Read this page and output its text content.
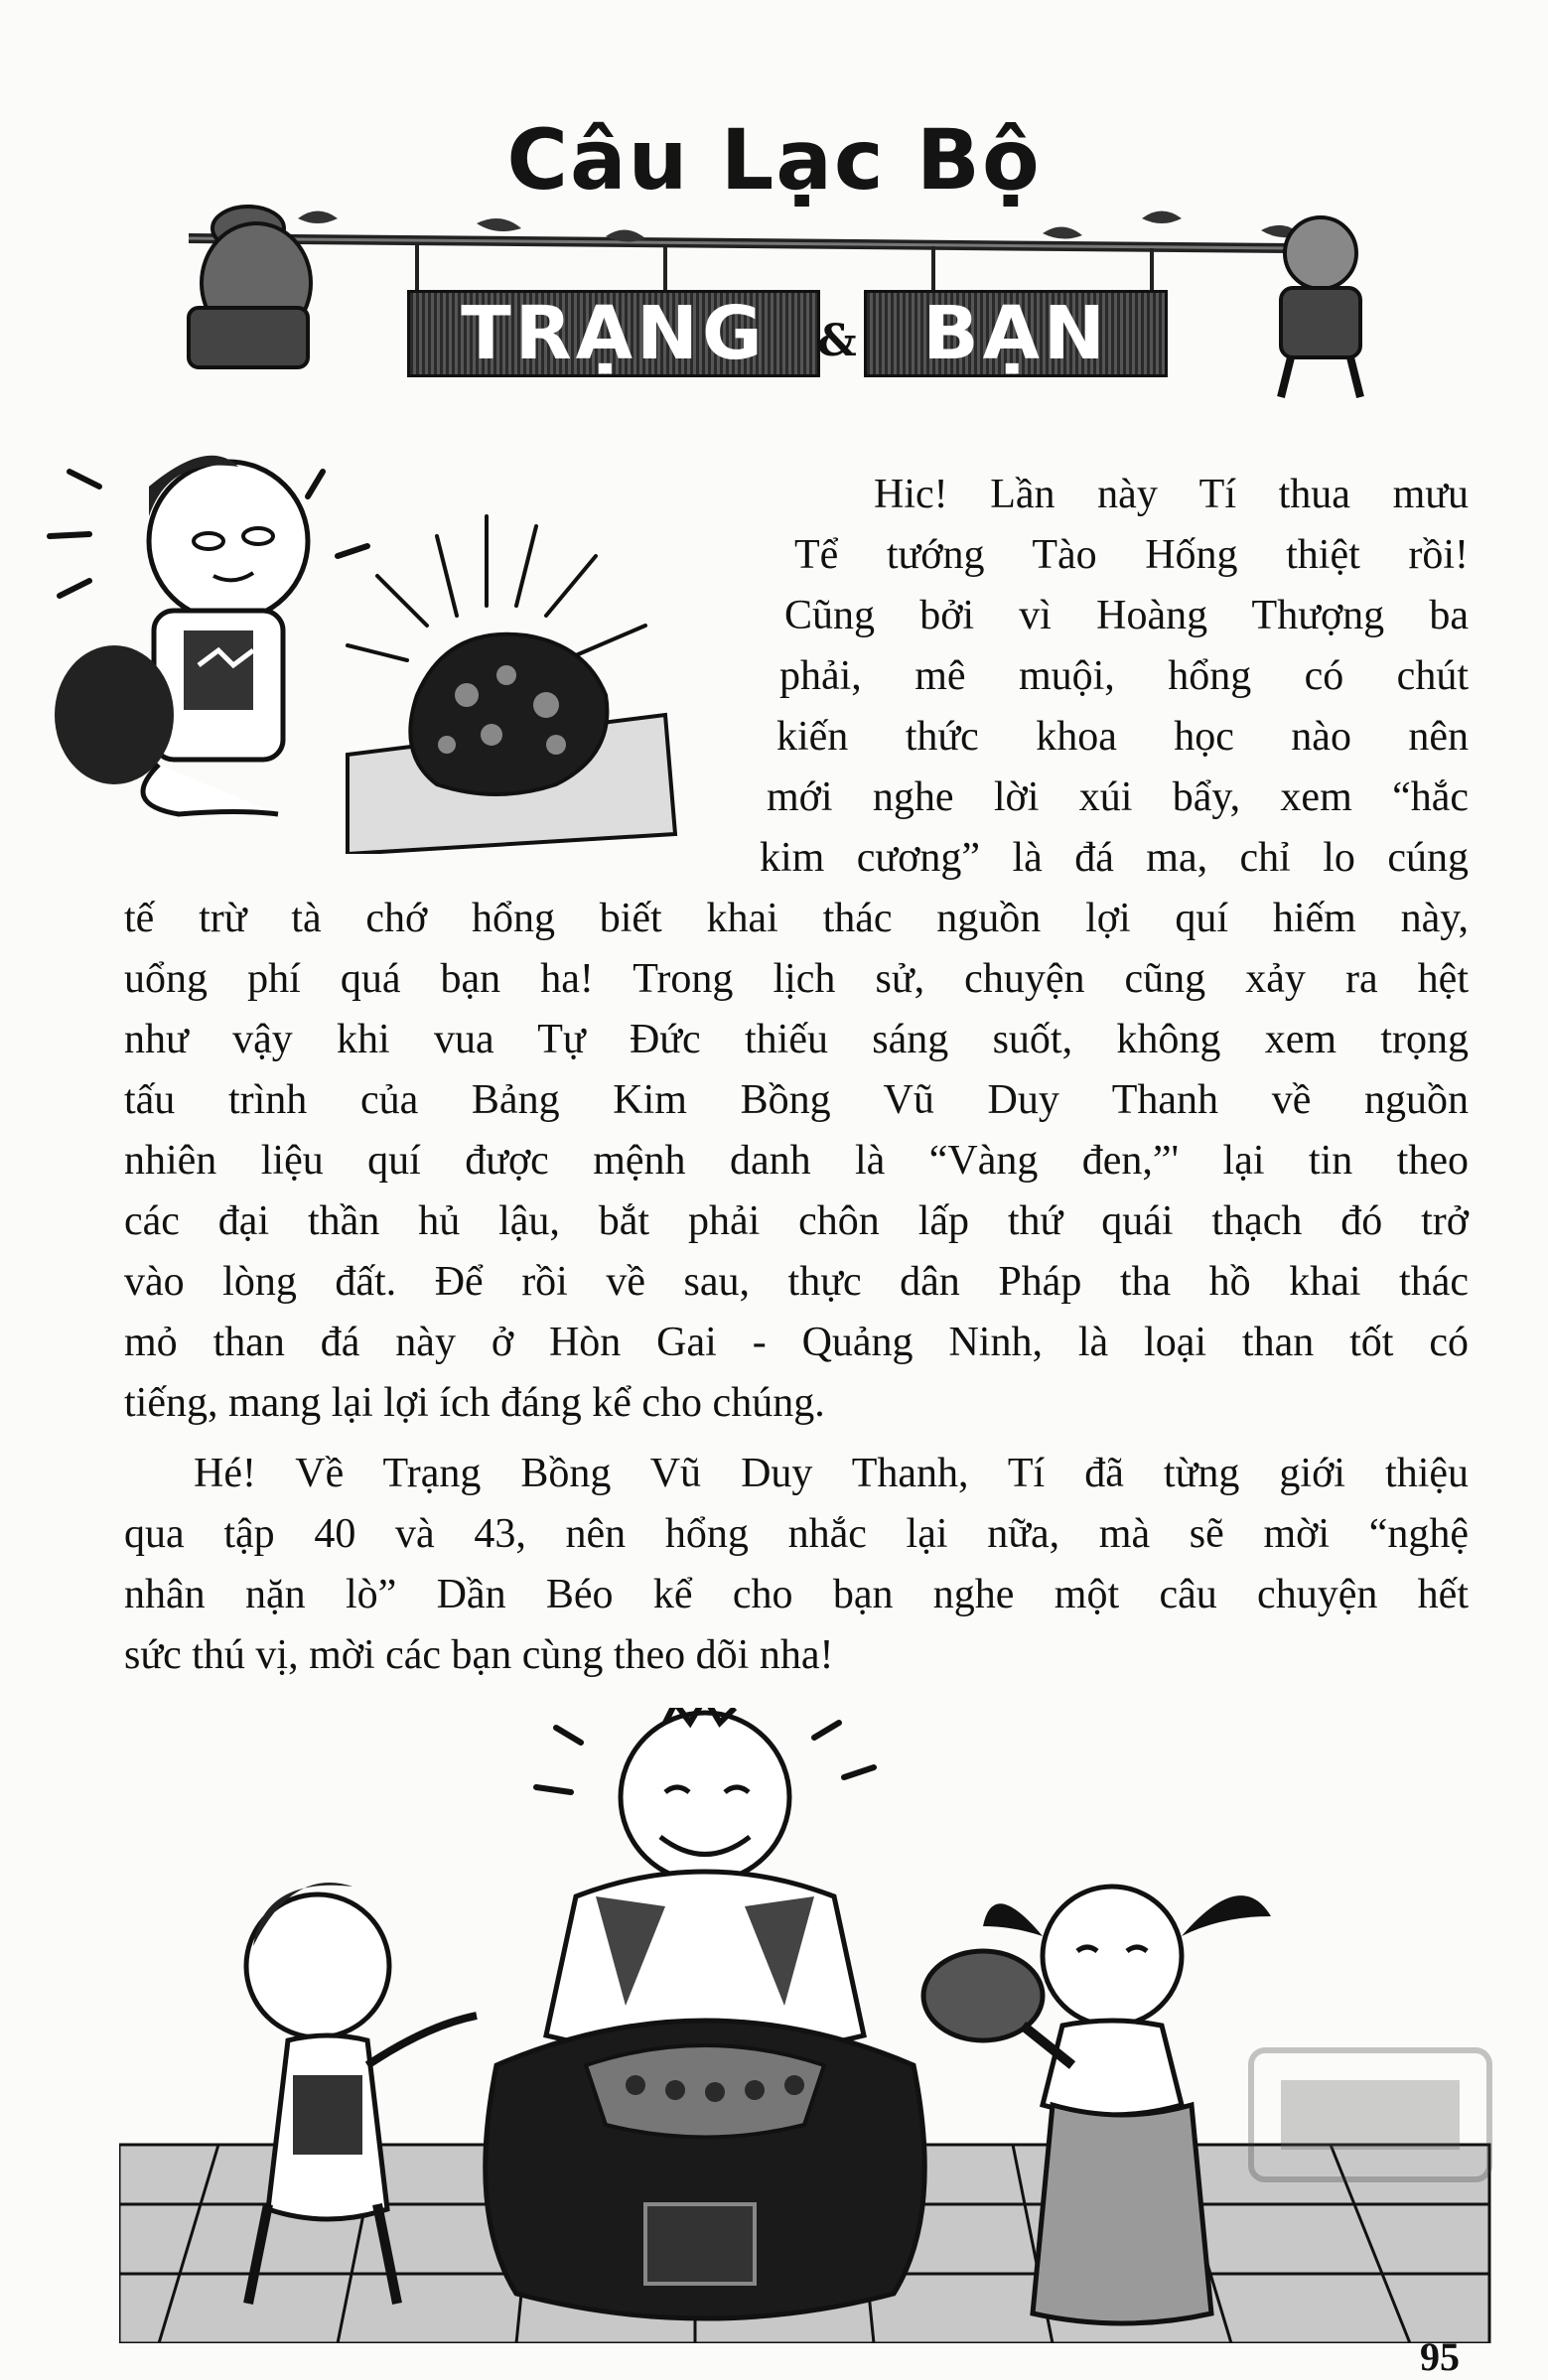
Câu Lạc Bộ
TRẠNG	& BẠN
Hic! Lần này Tí thua mưu
Tể tướng Tào Hống thiệt rồi!
Cũng bởi vì Hoàng Thượng ba
phải, mê muội, hổng có chút
kiến thức khoa học nào nên
mới nghe lời xúi bẩy, xem “hắc
kim cương” là đá ma, chỉ lo cúng
tế trừ tà chớ hổng biết khai thác nguồn lợi quí hiếm này,
uổng phí quá bạn ha! Trong lịch sử, chuyện cũng xảy ra hệt
như vậy khi vua Tự Đức thiếu sáng suốt, không xem trọng
tấu trình của Bảng Kim Bồng Vũ Duy Thanh về nguồn
nhiên liệu quí được mệnh danh là “Vàng đen,”' lại tin theo
các đại thần hủ lậu, bắt phải chôn lấp thứ quái thạch đó trở
vào lòng đất. Để rồi về sau, thực dân Pháp tha hồ khai thác
mỏ than đá này ở Hòn Gai - Quảng Ninh, là loại than tốt có
tiếng, mang lại lợi ích đáng kể cho chúng.
Hé! Về Trạng Bồng Vũ Duy Thanh, Tí đã từng giới thiệu
qua tập 40 và 43, nên hổng nhắc lại nữa, mà sẽ mời “nghệ
nhân nặn lò” Dần Béo kể cho bạn nghe một câu chuyện hết
sức thú vị, mời các bạn cùng theo dõi nha!
95
